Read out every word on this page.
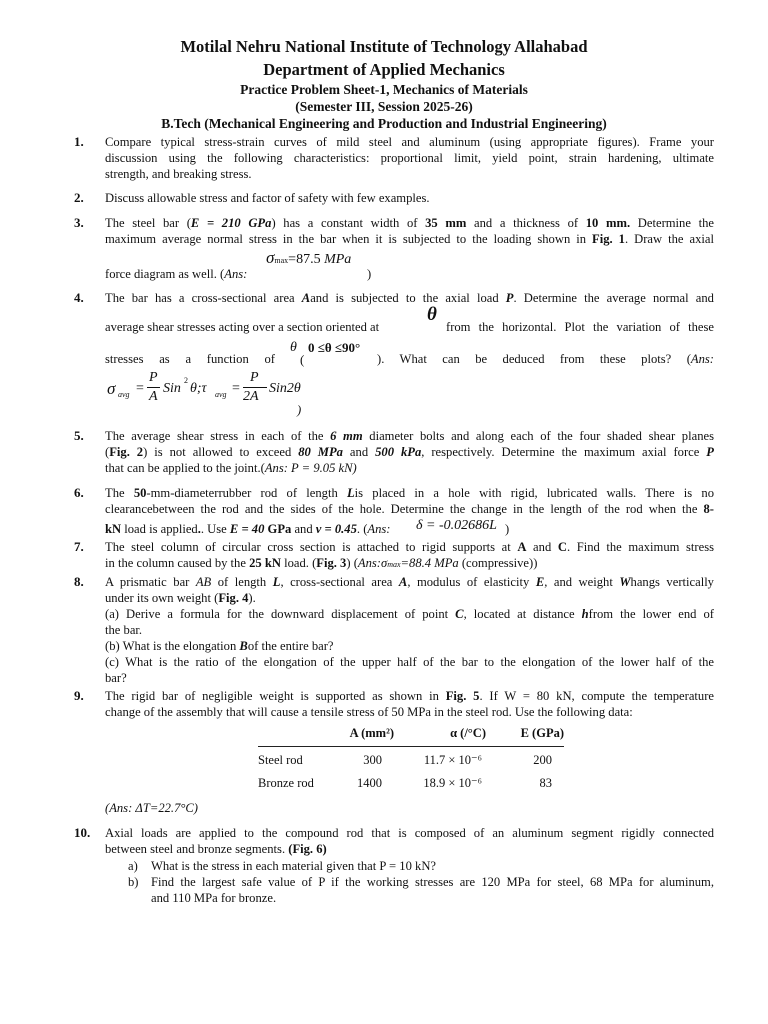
Motilal Nehru National Institute of Technology Allahabad
Department of Applied Mechanics
Practice Problem Sheet-1, Mechanics of Materials
(Semester III, Session 2025-26)
B.Tech (Mechanical Engineering and Production and Industrial Engineering)
1.	Compare typical stress-strain curves of mild steel and aluminum (using appropriate figures). Frame your
discussion using the following characteristics: proportional limit, yield point, strain hardening, ultimate
strength, and breaking stress.
2.	Discuss allowable stress and factor of safety with few examples.
3.	The steel bar (E = 210 GPa) has a constant width of 35 mm and a thickness of 10 mm. Determine the
maximum average normal stress in the bar when it is subjected to the loading shown in Fig. 1. Draw the axial
σmax=87.5 MPa
force diagram as well. (Ans:	)
4.	The bar has a cross-sectional area Aand is subjected to the axial load P. Determine the average normal and
average shear stresses acting over a section oriented at
θ
from the horizontal. Plot the variation of these
stresses as a function of
θ
(
0 ≤θ ≤90°
). What can be deduced from these plots? (Ans:
σ avg =
P
A
Sin
2
θ;τ avg =
P
2A
Sin2θ
)
5.	The average shear stress in each of the 6 mm diameter bolts and along each of the four shaded shear planes
(Fig. 2) is not allowed to exceed 80 MPa and 500 kPa, respectively. Determine the maximum axial force P
that can be applied to the joint.(Ans: P = 9.05 kN)
6.	The 50-mm-diameterrubber rod of length Lis placed in a hole with rigid, lubricated walls. There is no
clearancebetween the rod and the sides of the hole. Determine the change in the length of the rod when the 8-
kN load is applied.. Use E = 40 GPa and ν = 0.45. (Ans: δ = -0.02686L )
7.	The steel column of circular cross section is attached to rigid supports at A and C. Find the maximum stress
in the column caused by the 25 kN load. (Fig. 3) (Ans:σmax=88.4 MPa (compressive))
8.	A prismatic bar AB of length L, cross-sectional area A, modulus of elasticity E, and weight Whangs vertically
under its own weight (Fig. 4).
(a) Derive a formula for the downward displacement of point C, located at distance hfrom the lower end of
the bar.
(b) What is the elongation Bof the entire bar?
(c) What is the ratio of the elongation of the upper half of the bar to the elongation of the lower half of the
bar?
9.	The rigid bar of negligible weight is supported as shown in Fig. 5. If W = 80 kN, compute the temperature
change of the assembly that will cause a tensile stress of 50 MPa in the steel rod. Use the following data:
	A (mm²)	α (/°C)	E (GPa)
Steel rod	300	11.7 × 10⁻⁶	200
Bronze rod	1400	18.9 × 10⁻⁶	83
(Ans: ΔT=22.7°C)
10.	Axial loads are applied to the compound rod that is composed of an aluminum segment rigidly connected
between steel and bronze segments. (Fig. 6)
a) What is the stress in each material given that P = 10 kN?
b) Find the largest safe value of P if the working stresses are 120 MPa for steel, 68 MPa for aluminum,
and 110 MPa for bronze.
